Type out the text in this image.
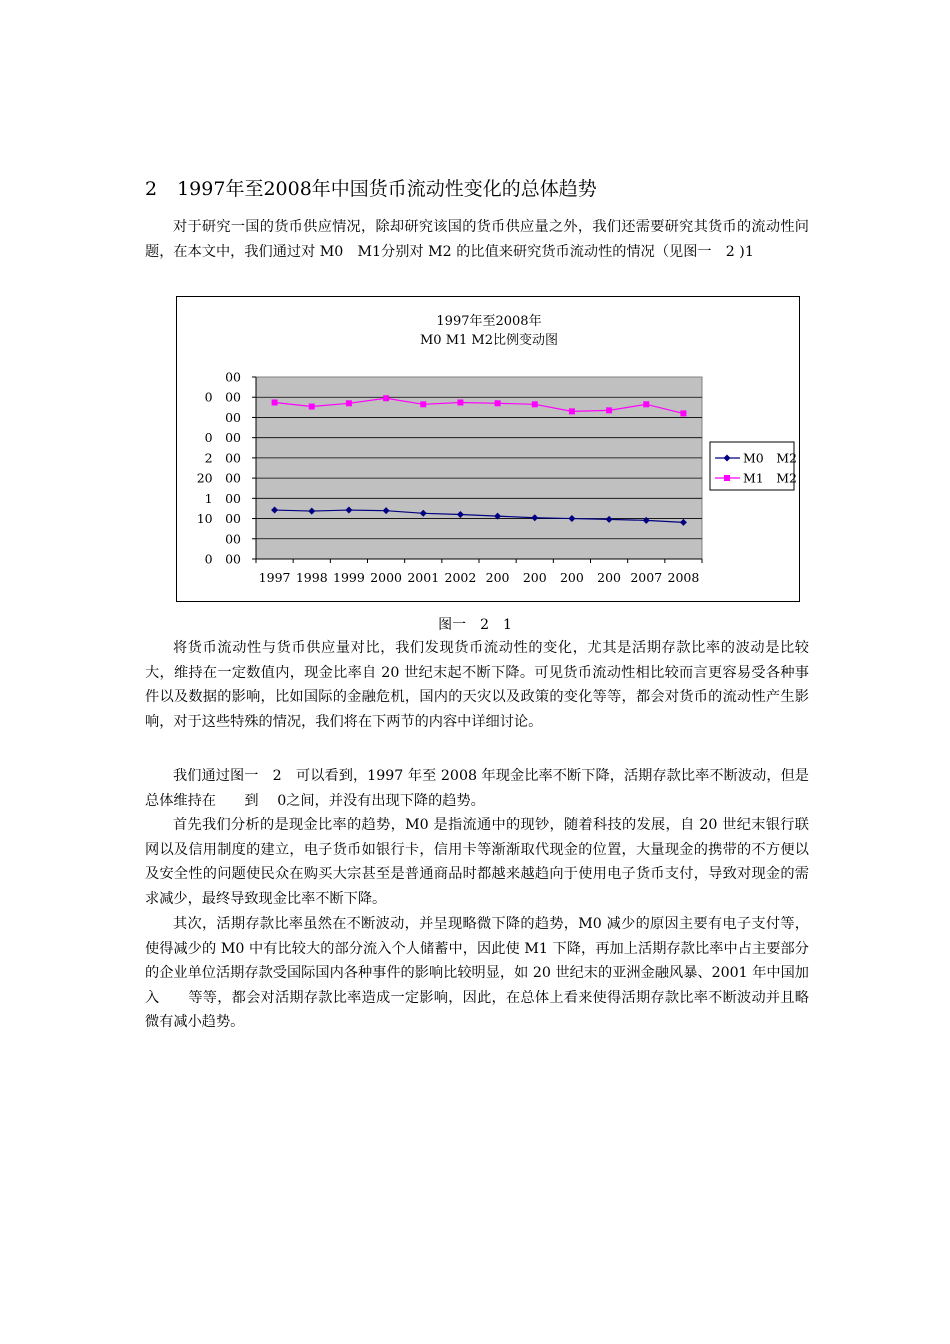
2 1997年至2008年中国货币流动性变化的总体趋势

对于研究一国的货币供应情况，除却研究该国的货币供应量之外，我们还需要研究其货币的流动性问题，在本文中，我们通过对 M0　M1分别对 M2 的比值来研究货币流动性的情况（见图一　2 )1

1997年至2008年
M0 M1 M2比例变动图
0　00
00
10　00
1　00
20　00
2　00
0　00
00
0　00
00
1997 1998 1999 2000 2001 2002 200 200 200 200 2007 2008
M0　M2
M1　M2
图一　2　1

将货币流动性与货币供应量对比，我们发现货币流动性的变化，尤其是活期存款比率的波动是比较大，维持在一定数值内，现金比率自 20 世纪末起不断下降。可见货币流动性相比较而言更容易受各种事件以及数据的影响，比如国际的金融危机，国内的天灾以及政策的变化等等，都会对货币的流动性产生影响，对于这些特殊的情况，我们将在下两节的内容中详细讨论。

我们通过图一　2　可以看到，1997 年至 2008 年现金比率不断下降，活期存款比率不断波动，但是总体维持在　　到　 0之间，并没有出现下降的趋势。

首先我们分析的是现金比率的趋势，M0 是指流通中的现钞，随着科技的发展，自 20 世纪末银行联网以及信用制度的建立，电子货币如银行卡，信用卡等渐渐取代现金的位置，大量现金的携带的不方便以及安全性的问题使民众在购买大宗甚至是普通商品时都越来越趋向于使用电子货币支付，导致对现金的需求减少，最终导致现金比率不断下降。

其次，活期存款比率虽然在不断波动，并呈现略微下降的趋势，M0 减少的原因主要有电子支付等，使得减少的 M0 中有比较大的部分流入个人储蓄中，因此使 M1 下降，再加上活期存款比率中占主要部分的企业单位活期存款受国际国内各种事件的影响比较明显，如 20 世纪末的亚洲金融风暴、2001 年中国加入　　等等，都会对活期存款比率造成一定影响，因此，在总体上看来使得活期存款比率不断波动并且略微有减小趋势。
